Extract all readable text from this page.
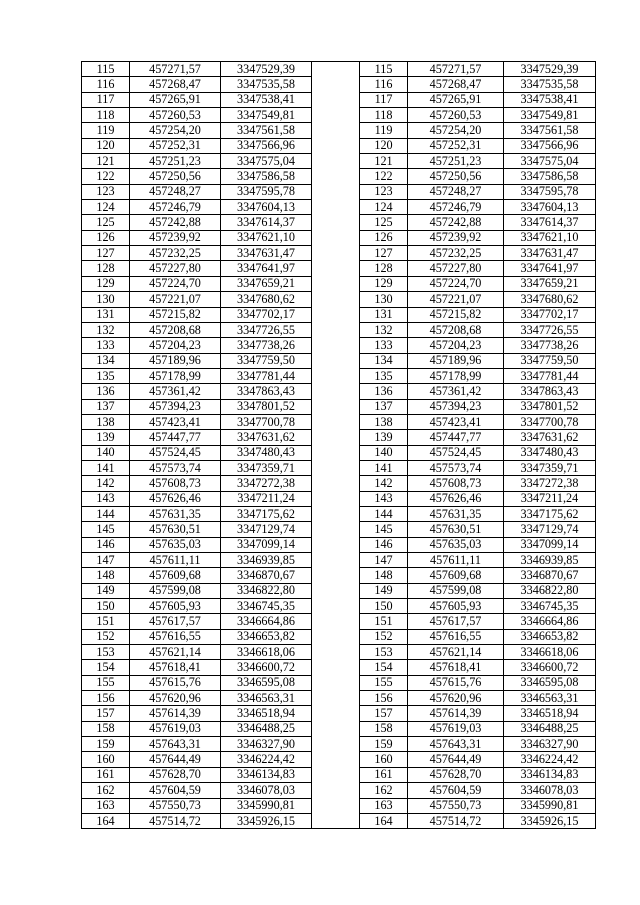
115	457271,57	3347529,39		115	457271,57	3347529,39
116	457268,47	3347535,58		116	457268,47	3347535,58
117	457265,91	3347538,41		117	457265,91	3347538,41
118	457260,53	3347549,81		118	457260,53	3347549,81
119	457254,20	3347561,58		119	457254,20	3347561,58
120	457252,31	3347566,96		120	457252,31	3347566,96
121	457251,23	3347575,04		121	457251,23	3347575,04
122	457250,56	3347586,58		122	457250,56	3347586,58
123	457248,27	3347595,78		123	457248,27	3347595,78
124	457246,79	3347604,13		124	457246,79	3347604,13
125	457242,88	3347614,37		125	457242,88	3347614,37
126	457239,92	3347621,10		126	457239,92	3347621,10
127	457232,25	3347631,47		127	457232,25	3347631,47
128	457227,80	3347641,97		128	457227,80	3347641,97
129	457224,70	3347659,21		129	457224,70	3347659,21
130	457221,07	3347680,62		130	457221,07	3347680,62
131	457215,82	3347702,17		131	457215,82	3347702,17
132	457208,68	3347726,55		132	457208,68	3347726,55
133	457204,23	3347738,26		133	457204,23	3347738,26
134	457189,96	3347759,50		134	457189,96	3347759,50
135	457178,99	3347781,44		135	457178,99	3347781,44
136	457361,42	3347863,43		136	457361,42	3347863,43
137	457394,23	3347801,52		137	457394,23	3347801,52
138	457423,41	3347700,78		138	457423,41	3347700,78
139	457447,77	3347631,62		139	457447,77	3347631,62
140	457524,45	3347480,43		140	457524,45	3347480,43
141	457573,74	3347359,71		141	457573,74	3347359,71
142	457608,73	3347272,38		142	457608,73	3347272,38
143	457626,46	3347211,24		143	457626,46	3347211,24
144	457631,35	3347175,62		144	457631,35	3347175,62
145	457630,51	3347129,74		145	457630,51	3347129,74
146	457635,03	3347099,14		146	457635,03	3347099,14
147	457611,11	3346939,85		147	457611,11	3346939,85
148	457609,68	3346870,67		148	457609,68	3346870,67
149	457599,08	3346822,80		149	457599,08	3346822,80
150	457605,93	3346745,35		150	457605,93	3346745,35
151	457617,57	3346664,86		151	457617,57	3346664,86
152	457616,55	3346653,82		152	457616,55	3346653,82
153	457621,14	3346618,06		153	457621,14	3346618,06
154	457618,41	3346600,72		154	457618,41	3346600,72
155	457615,76	3346595,08		155	457615,76	3346595,08
156	457620,96	3346563,31		156	457620,96	3346563,31
157	457614,39	3346518,94		157	457614,39	3346518,94
158	457619,03	3346488,25		158	457619,03	3346488,25
159	457643,31	3346327,90		159	457643,31	3346327,90
160	457644,49	3346224,42		160	457644,49	3346224,42
161	457628,70	3346134,83		161	457628,70	3346134,83
162	457604,59	3346078,03		162	457604,59	3346078,03
163	457550,73	3345990,81		163	457550,73	3345990,81
164	457514,72	3345926,15		164	457514,72	3345926,15
